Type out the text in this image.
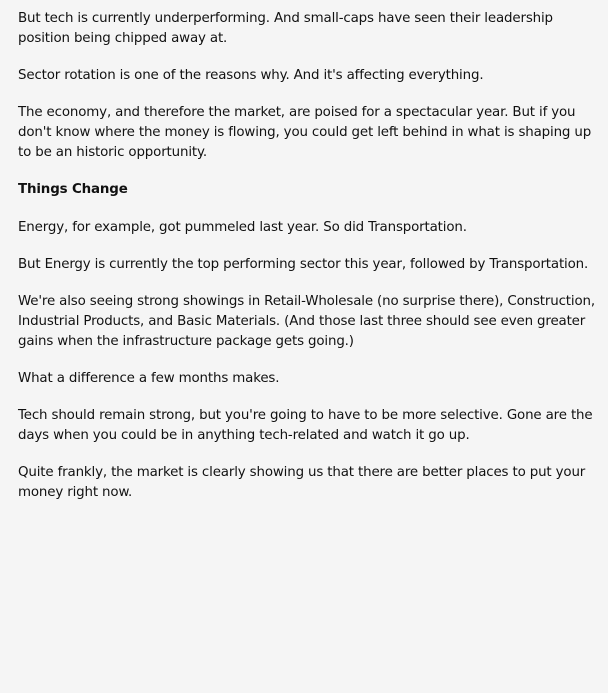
But tech is currently underperforming. And small-caps have seen their leadership position being chipped away at.

Sector rotation is one of the reasons why. And it's affecting everything.

The economy, and therefore the market, are poised for a spectacular year. But if you don't know where the money is flowing, you could get left behind in what is shaping up to be an historic opportunity.

Things Change

Energy, for example, got pummeled last year. So did Transportation.

But Energy is currently the top performing sector this year, followed by Transportation.

We're also seeing strong showings in Retail-Wholesale (no surprise there), Construction, Industrial Products, and Basic Materials. (And those last three should see even greater gains when the infrastructure package gets going.)

What a difference a few months makes.

Tech should remain strong, but you're going to have to be more selective. Gone are the days when you could be in anything tech-related and watch it go up.

Quite frankly, the market is clearly showing us that there are better places to put your money right now.
